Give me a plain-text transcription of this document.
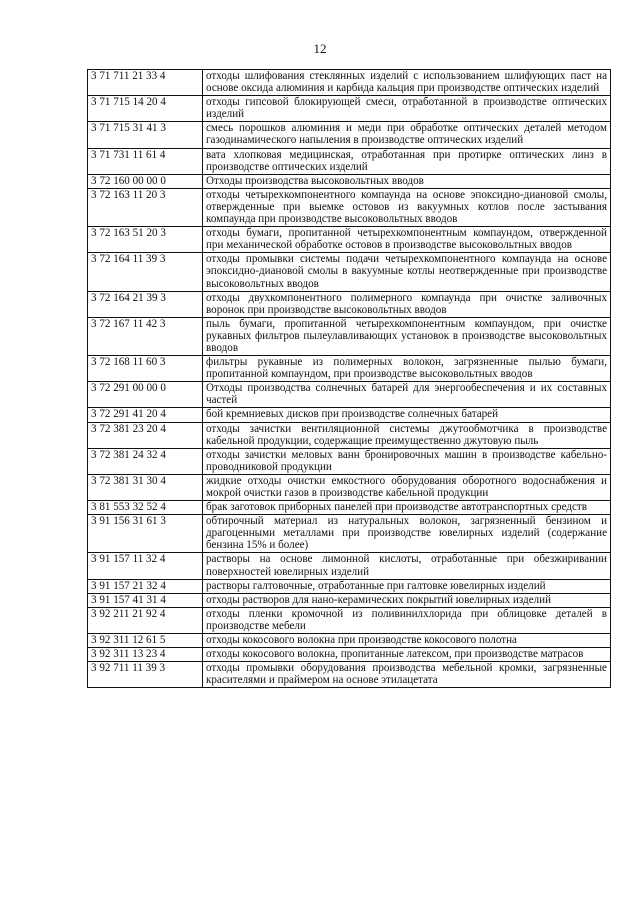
12
3 71 711 21 33 4	отходы шлифования стеклянных изделий с использованием шлифующих паст на основе оксида алюминия и карбида кальция при производстве оптических изделий
3 71 715 14 20 4	отходы гипсовой блокирующей смеси, отработанной в производстве оптических изделий
3 71 715 31 41 3	смесь порошков алюминия и меди при обработке оптических деталей методом газодинамического напыления в производстве оптических изделий
3 71 731 11 61 4	вата хлопковая медицинская, отработанная при протирке оптических линз в производстве оптических изделий
3 72 160 00 00 0	Отходы производства высоковольтных вводов
3 72 163 11 20 3	отходы четырехкомпонентного компаунда на основе эпоксидно-диановой смолы, отвержденные при выемке остовов из вакуумных котлов после застывания компаунда при производстве высоковольтных вводов
3 72 163 51 20 3	отходы бумаги, пропитанной четырехкомпонентным компаундом, отвержденной при механической обработке остовов в производстве высоковольтных вводов
3 72 164 11 39 3	отходы промывки системы подачи четырехкомпонентного компаунда на основе эпоксидно-диановой смолы в вакуумные котлы неотвержденные при производстве высоковольтных вводов
3 72 164 21 39 3	отходы двухкомпонентного полимерного компаунда при очистке заливочных воронок при производстве высоковольтных вводов
3 72 167 11 42 3	пыль бумаги, пропитанной четырехкомпонентным компаундом, при очистке рукавных фильтров пылеулавливающих установок в производстве высоковольтных вводов
3 72 168 11 60 3	фильтры рукавные из полимерных волокон, загрязненные пылью бумаги, пропитанной компаундом, при производстве высоковольтных вводов
3 72 291 00 00 0	Отходы производства солнечных батарей для энергообеспечения и их составных частей
3 72 291 41 20 4	бой кремниевых дисков при производстве солнечных батарей
3 72 381 23 20 4	отходы зачистки вентиляционной системы джутообмотчика в производстве кабельной продукции, содержащие преимущественно джутовую пыль
3 72 381 24 32 4	отходы зачистки меловых ванн бронировочных машин в производстве кабельно-проводниковой продукции
3 72 381 31 30 4	жидкие отходы очистки емкостного оборудования оборотного водоснабжения и мокрой очистки газов в производстве кабельной продукции
3 81 553 32 52 4	брак заготовок приборных панелей при производстве автотранспортных средств
3 91 156 31 61 3	обтирочный материал из натуральных волокон, загрязненный бензином и драгоценными металлами при производстве ювелирных изделий (содержание бензина 15% и более)
3 91 157 11 32 4	растворы на основе лимонной кислоты, отработанные при обезжиривании поверхностей ювелирных изделий
3 91 157 21 32 4	растворы галтовочные, отработанные при галтовке ювелирных изделий
3 91 157 41 31 4	отходы растворов для нано-керамических покрытий ювелирных изделий
3 92 211 21 92 4	отходы пленки кромочной из поливинилхлорида при облицовке деталей в производстве мебели
3 92 311 12 61 5	отходы кокосового волокна при производстве кокосового полотна
3 92 311 13 23 4	отходы кокосового волокна, пропитанные латексом, при производстве матрасов
3 92 711 11 39 3	отходы промывки оборудования производства мебельной кромки, загрязненные красителями и праймером на основе этилацетата
